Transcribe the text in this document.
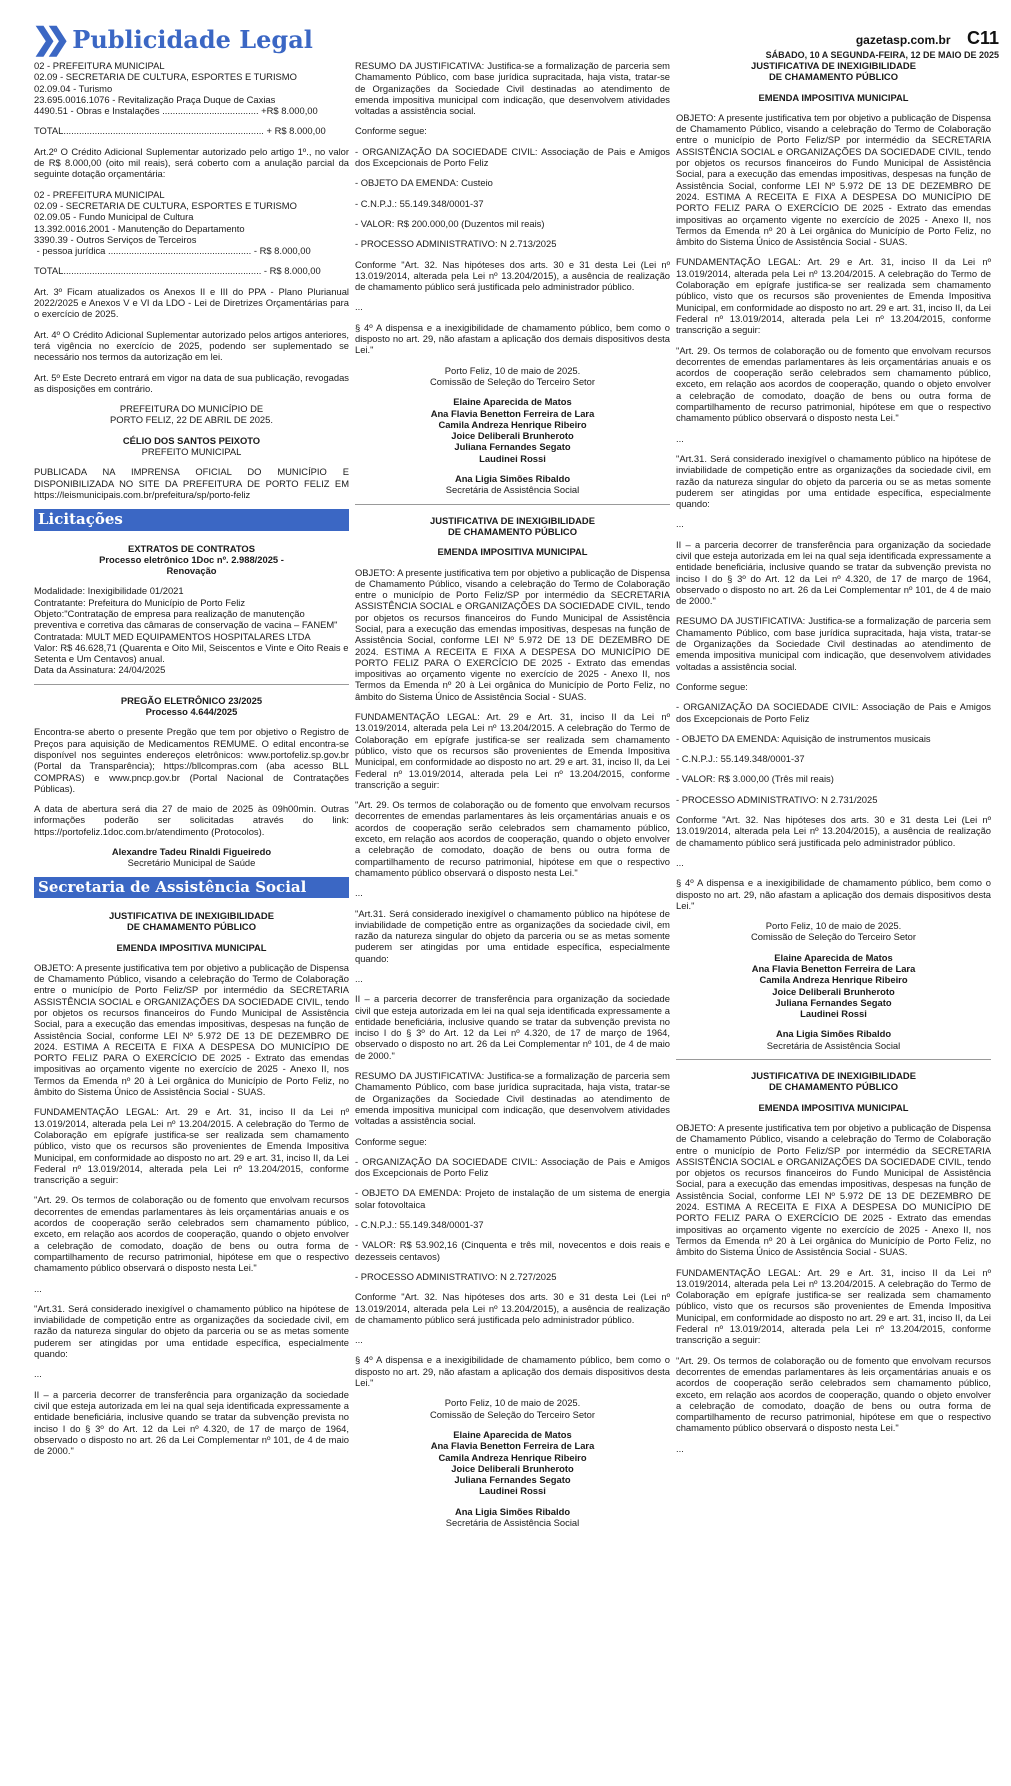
❯❯ Publicidade Legal	gazetasp.com.br C11
SÁBADO, 10 A SEGUNDA-FEIRA, 12 DE MAIO DE 2025
02 - PREFEITURA MUNICIPAL
02.09 - SECRETARIA DE CULTURA, ESPORTES E TURISMO
02.09.04 - Turismo
23.695.0016.1076 - Revitalização Praça Duque de Caxias
4490.51 - Obras e Instalações ..................................... +R$ 8.000,00

TOTAL............................................................................. + R$ 8.000,00

Art.2º O Crédito Adicional Suplementar autorizado pelo artigo 1º., no valor de R$ 8.000,00 (oito mil reais), será coberto com a anulação parcial da seguinte dotação orçamentária:

02 - PREFEITURA MUNICIPAL
02.09 - SECRETARIA DE CULTURA, ESPORTES E TURISMO
02.09.05 - Fundo Municipal de Cultura
13.392.0016.2001 - Manutenção do Departamento
3390.39 - Outros Serviços de Terceiros
- pessoa jurídica ....................................................... - R$ 8.000,00

TOTAL............................................................................ - R$ 8.000,00

Art. 3º Ficam atualizados os Anexos II e III do PPA - Plano Plurianual 2022/2025 e Anexos V e VI da LDO - Lei de Diretrizes Orçamentárias para o exercício de 2025.

Art. 4º O Crédito Adicional Suplementar autorizado pelos artigos anteriores, terá vigência no exercício de 2025, podendo ser suplementado se necessário nos termos da autorização em lei.

Art. 5º Este Decreto entrará em vigor na data de sua publicação, revogadas as disposições em contrário.

PREFEITURA DO MUNICÍPIO DE

PORTO FELIZ, 22 DE ABRIL DE 2025.

CÉLIO DOS SANTOS PEIXOTO

PREFEITO MUNICIPAL

PUBLICADA NA IMPRENSA OFICIAL DO MUNICÍPIO E DISPONIBILIZADA NO SITE DA PREFEITURA DE PORTO FELIZ EM https://leismunicipais.com.br/prefeitura/sp/porto-feliz

Licitações

EXTRATOS DE CONTRATOS

Processo eletrônico 1Doc nº. 2.988/2025 -

Renovação

Modalidade: Inexigibilidade 01/2021
Contratante: Prefeitura do Município de Porto Feliz
Objeto:"Contratação de empresa para realização de manutenção preventiva e corretiva das câmaras de conservação de vacina – FANEM"
Contratada: MULT MED EQUIPAMENTOS HOSPITALARES LTDA
Valor: R$ 46.628,71 (Quarenta e Oito Mil, Seiscentos e Vinte e Oito Reais e Setenta e Um Centavos) anual.
Data da Assinatura: 24/04/2025

PREGÃO ELETRÔNICO 23/2025

Processo 4.644/2025

Encontra-se aberto o presente Pregão que tem por objetivo o Registro de Preços para aquisição de Medicamentos REMUME. O edital encontra-se disponível nos seguintes endereços eletrônicos: www.portofeliz.sp.gov.br (Portal da Transparência); https://bllcompras.com (aba acesso BLL COMPRAS) e www.pncp.gov.br (Portal Nacional de Contratações Públicas).

A data de abertura será dia 27 de maio de 2025 às 09h00min. Outras informações poderão ser solicitadas através do link: https://portofeliz.1doc.com.br/atendimento (Protocolos).

Alexandre Tadeu Rinaldi Figueiredo

Secretário Municipal de Saúde

Secretaria de Assistência Social

JUSTIFICATIVA DE INEXIGIBILIDADE

DE CHAMAMENTO PÚBLICO

EMENDA IMPOSITIVA MUNICIPAL

OBJETO: A presente justificativa tem por objetivo a publicação de Dispensa de Chamamento Público, visando a celebração do Termo de Colaboração entre o município de Porto Feliz/SP por intermédio da SECRETARIA ASSISTÊNCIA SOCIAL e ORGANIZAÇÕES DA SOCIEDADE CIVIL, tendo por objetos os recursos financeiros do Fundo Municipal de Assistência Social, para a execução das emendas impositivas, despesas na função de Assistência Social, conforme LEI Nº 5.972 DE 13 DE DEZEMBRO DE 2024. ESTIMA A RECEITA E FIXA A DESPESA DO MUNICÍPIO DE PORTO FELIZ PARA O EXERCÍCIO DE 2025 - Extrato das emendas impositivas ao orçamento vigente no exercício de 2025 - Anexo II, nos Termos da Emenda nº 20 à Lei orgânica do Município de Porto Feliz, no âmbito do Sistema Único de Assistência Social - SUAS.

FUNDAMENTAÇÃO LEGAL: Art. 29 e Art. 31, inciso II da Lei nº 13.019/2014, alterada pela Lei nº 13.204/2015. A celebração do Termo de Colaboração em epígrafe justifica-se ser realizada sem chamamento público, visto que os recursos são provenientes de Emenda Impositiva Municipal, em conformidade ao disposto no art. 29 e art. 31, inciso II, da Lei Federal nº 13.019/2014, alterada pela Lei nº 13.204/2015, conforme transcrição a seguir:

"Art. 29. Os termos de colaboração ou de fomento que envolvam recursos decorrentes de emendas parlamentares às leis orçamentárias anuais e os acordos de cooperação serão celebrados sem chamamento público, exceto, em relação aos acordos de cooperação, quando o objeto envolver a celebração de comodato, doação de bens ou outra forma de compartilhamento de recurso patrimonial, hipótese em que o respectivo chamamento público observará o disposto nesta Lei."

...

"Art.31. Será considerado inexigível o chamamento público na hipótese de inviabilidade de competição entre as organizações da sociedade civil, em razão da natureza singular do objeto da parceria ou se as metas somente puderem ser atingidas por uma entidade específica, especialmente quando:

...

II – a parceria decorrer de transferência para organização da sociedade civil que esteja autorizada em lei na qual seja identificada expressamente a entidade beneficiária, inclusive quando se tratar da subvenção prevista no inciso I do § 3º do Art. 12 da Lei nº 4.320, de 17 de março de 1964, observado o disposto no art. 26 da Lei Complementar nº 101, de 4 de maio de 2000."

RESUMO DA JUSTIFICATIVA: Justifica-se a formalização de parceria sem Chamamento Público, com base jurídica supracitada, haja vista, tratar-se de Organizações da Sociedade Civil destinadas ao atendimento de emenda impositiva municipal com indicação, que desenvolvem atividades voltadas a assistência social.

Conforme segue:

- ORGANIZAÇÃO DA SOCIEDADE CIVIL: Associação de Pais e Amigos dos Excepcionais de Porto Feliz

- OBJETO DA EMENDA: Custeio

- C.N.P.J.: 55.149.348/0001-37

- VALOR: R$ 200.000,00 (Duzentos mil reais)

- PROCESSO ADMINISTRATIVO: N 2.713/2025

Conforme "Art. 32. Nas hipóteses dos arts. 30 e 31 desta Lei (Lei nº 13.019/2014, alterada pela Lei nº 13.204/2015), a ausência de realização de chamamento público será justificada pelo administrador público.

...

§ 4º A dispensa e a inexigibilidade de chamamento público, bem como o disposto no art. 29, não afastam a aplicação dos demais dispositivos desta Lei."

Porto Feliz, 10 de maio de 2025.

Comissão de Seleção do Terceiro Setor

Elaine Aparecida de Matos

Ana Flavia Benetton Ferreira de Lara

Camila Andreza Henrique Ribeiro

Joice Deliberali Brunheroto

Juliana Fernandes Segato

Laudinei Rossi

Ana Ligia Simões Ribaldo

Secretária de Assistência Social

JUSTIFICATIVA DE INEXIGIBILIDADE

DE CHAMAMENTO PÚBLICO

EMENDA IMPOSITIVA MUNICIPAL

OBJETO: A presente justificativa tem por objetivo a publicação de Dispensa de Chamamento Público, visando a celebração do Termo de Colaboração entre o município de Porto Feliz/SP por intermédio da SECRETARIA ASSISTÊNCIA SOCIAL e ORGANIZAÇÕES DA SOCIEDADE CIVIL, tendo por objetos os recursos financeiros do Fundo Municipal de Assistência Social, para a execução das emendas impositivas, despesas na função de Assistência Social, conforme LEI Nº 5.972 DE 13 DE DEZEMBRO DE 2024. ESTIMA A RECEITA E FIXA A DESPESA DO MUNICÍPIO DE PORTO FELIZ PARA O EXERCÍCIO DE 2025 - Extrato das emendas impositivas ao orçamento vigente no exercício de 2025 - Anexo II, nos Termos da Emenda nº 20 à Lei orgânica do Município de Porto Feliz, no âmbito do Sistema Único de Assistência Social - SUAS.

FUNDAMENTAÇÃO LEGAL: Art. 29 e Art. 31, inciso II da Lei nº 13.019/2014, alterada pela Lei nº 13.204/2015. A celebração do Termo de Colaboração em epígrafe justifica-se ser realizada sem chamamento público, visto que os recursos são provenientes de Emenda Impositiva Municipal, em conformidade ao disposto no art. 29 e art. 31, inciso II, da Lei Federal nº 13.019/2014, alterada pela Lei nº 13.204/2015, conforme transcrição a seguir:

"Art. 29. Os termos de colaboração ou de fomento que envolvam recursos decorrentes de emendas parlamentares às leis orçamentárias anuais e os acordos de cooperação serão celebrados sem chamamento público, exceto, em relação aos acordos de cooperação, quando o objeto envolver a celebração de comodato, doação de bens ou outra forma de compartilhamento de recurso patrimonial, hipótese em que o respectivo chamamento público observará o disposto nesta Lei."

...

"Art.31. Será considerado inexigível o chamamento público na hipótese de inviabilidade de competição entre as organizações da sociedade civil, em razão da natureza singular do objeto da parceria ou se as metas somente puderem ser atingidas por uma entidade específica, especialmente quando:

...

II – a parceria decorrer de transferência para organização da sociedade civil que esteja autorizada em lei na qual seja identificada expressamente a entidade beneficiária, inclusive quando se tratar da subvenção prevista no inciso I do § 3º do Art. 12 da Lei nº 4.320, de 17 de março de 1964, observado o disposto no art. 26 da Lei Complementar nº 101, de 4 de maio de 2000."

RESUMO DA JUSTIFICATIVA: Justifica-se a formalização de parceria sem Chamamento Público, com base jurídica supracitada, haja vista, tratar-se de Organizações da Sociedade Civil destinadas ao atendimento de emenda impositiva municipal com indicação, que desenvolvem atividades voltadas a assistência social.

Conforme segue:

- ORGANIZAÇÃO DA SOCIEDADE CIVIL: Associação de Pais e Amigos dos Excepcionais de Porto Feliz

- OBJETO DA EMENDA: Projeto de instalação de um sistema de energia solar fotovoltaica

- C.N.P.J.: 55.149.348/0001-37

- VALOR: R$ 53.902,16 (Cinquenta e três mil, novecentos e dois reais e dezesseis centavos)

- PROCESSO ADMINISTRATIVO: N 2.727/2025

Conforme "Art. 32. Nas hipóteses dos arts. 30 e 31 desta Lei (Lei nº 13.019/2014, alterada pela Lei nº 13.204/2015), a ausência de realização de chamamento público será justificada pelo administrador público.

...

§ 4º A dispensa e a inexigibilidade de chamamento público, bem como o disposto no art. 29, não afastam a aplicação dos demais dispositivos desta Lei."

Porto Feliz, 10 de maio de 2025.

Comissão de Seleção do Terceiro Setor

Elaine Aparecida de Matos

Ana Flavia Benetton Ferreira de Lara

Camila Andreza Henrique Ribeiro

Joice Deliberali Brunheroto

Juliana Fernandes Segato

Laudinei Rossi

Ana Ligia Simões Ribaldo

Secretária de Assistência Social

JUSTIFICATIVA DE INEXIGIBILIDADE

DE CHAMAMENTO PÚBLICO

EMENDA IMPOSITIVA MUNICIPAL

OBJETO: A presente justificativa tem por objetivo a publicação de Dispensa de Chamamento Público, visando a celebração do Termo de Colaboração entre o município de Porto Feliz/SP por intermédio da SECRETARIA ASSISTÊNCIA SOCIAL e ORGANIZAÇÕES DA SOCIEDADE CIVIL, tendo por objetos os recursos financeiros do Fundo Municipal de Assistência Social, para a execução das emendas impositivas, despesas na função de Assistência Social, conforme LEI Nº 5.972 DE 13 DE DEZEMBRO DE 2024. ESTIMA A RECEITA E FIXA A DESPESA DO MUNICÍPIO DE PORTO FELIZ PARA O EXERCÍCIO DE 2025 - Extrato das emendas impositivas ao orçamento vigente no exercício de 2025 - Anexo II, nos Termos da Emenda nº 20 à Lei orgânica do Município de Porto Feliz, no âmbito do Sistema Único de Assistência Social - SUAS.

FUNDAMENTAÇÃO LEGAL: Art. 29 e Art. 31, inciso II da Lei nº 13.019/2014, alterada pela Lei nº 13.204/2015. A celebração do Termo de Colaboração em epígrafe justifica-se ser realizada sem chamamento público, visto que os recursos são provenientes de Emenda Impositiva Municipal, em conformidade ao disposto no art. 29 e art. 31, inciso II, da Lei Federal nº 13.019/2014, alterada pela Lei nº 13.204/2015, conforme transcrição a seguir:

"Art. 29. Os termos de colaboração ou de fomento que envolvam recursos decorrentes de emendas parlamentares às leis orçamentárias anuais e os acordos de cooperação serão celebrados sem chamamento público, exceto, em relação aos acordos de cooperação, quando o objeto envolver a celebração de comodato, doação de bens ou outra forma de compartilhamento de recurso patrimonial, hipótese em que o respectivo chamamento público observará o disposto nesta Lei."

...

"Art.31. Será considerado inexigível o chamamento público na hipótese de inviabilidade de competição entre as organizações da sociedade civil, em razão da natureza singular do objeto da parceria ou se as metas somente puderem ser atingidas por uma entidade específica, especialmente quando:

...

II – a parceria decorrer de transferência para organização da sociedade civil que esteja autorizada em lei na qual seja identificada expressamente a entidade beneficiária, inclusive quando se tratar da subvenção prevista no inciso I do § 3º do Art. 12 da Lei nº 4.320, de 17 de março de 1964, observado o disposto no art. 26 da Lei Complementar nº 101, de 4 de maio de 2000."

RESUMO DA JUSTIFICATIVA: Justifica-se a formalização de parceria sem Chamamento Público, com base jurídica supracitada, haja vista, tratar-se de Organizações da Sociedade Civil destinadas ao atendimento de emenda impositiva municipal com indicação, que desenvolvem atividades voltadas a assistência social.

Conforme segue:

- ORGANIZAÇÃO DA SOCIEDADE CIVIL: Associação de Pais e Amigos dos Excepcionais de Porto Feliz

- OBJETO DA EMENDA: Aquisição de instrumentos musicais

- C.N.P.J.: 55.149.348/0001-37

- VALOR: R$ 3.000,00 (Três mil reais)

- PROCESSO ADMINISTRATIVO: N 2.731/2025

Conforme "Art. 32. Nas hipóteses dos arts. 30 e 31 desta Lei (Lei nº 13.019/2014, alterada pela Lei nº 13.204/2015), a ausência de realização de chamamento público será justificada pelo administrador público.

...

§ 4º A dispensa e a inexigibilidade de chamamento público, bem como o disposto no art. 29, não afastam a aplicação dos demais dispositivos desta Lei."

Porto Feliz, 10 de maio de 2025.

Comissão de Seleção do Terceiro Setor

Elaine Aparecida de Matos

Ana Flavia Benetton Ferreira de Lara

Camila Andreza Henrique Ribeiro

Joice Deliberali Brunheroto

Juliana Fernandes Segato

Laudinei Rossi

Ana Ligia Simões Ribaldo

Secretária de Assistência Social

JUSTIFICATIVA DE INEXIGIBILIDADE

DE CHAMAMENTO PÚBLICO

EMENDA IMPOSITIVA MUNICIPAL

OBJETO: A presente justificativa tem por objetivo a publicação de Dispensa de Chamamento Público, visando a celebração do Termo de Colaboração entre o município de Porto Feliz/SP por intermédio da SECRETARIA ASSISTÊNCIA SOCIAL e ORGANIZAÇÕES DA SOCIEDADE CIVIL, tendo por objetos os recursos financeiros do Fundo Municipal de Assistência Social, para a execução das emendas impositivas, despesas na função de Assistência Social, conforme LEI Nº 5.972 DE 13 DE DEZEMBRO DE 2024. ESTIMA A RECEITA E FIXA A DESPESA DO MUNICÍPIO DE PORTO FELIZ PARA O EXERCÍCIO DE 2025 - Extrato das emendas impositivas ao orçamento vigente no exercício de 2025 - Anexo II, nos Termos da Emenda nº 20 à Lei orgânica do Município de Porto Feliz, no âmbito do Sistema Único de Assistência Social - SUAS.

FUNDAMENTAÇÃO LEGAL: Art. 29 e Art. 31, inciso II da Lei nº 13.019/2014, alterada pela Lei nº 13.204/2015. A celebração do Termo de Colaboração em epígrafe justifica-se ser realizada sem chamamento público, visto que os recursos são provenientes de Emenda Impositiva Municipal, em conformidade ao disposto no art. 29 e art. 31, inciso II, da Lei Federal nº 13.019/2014, alterada pela Lei nº 13.204/2015, conforme transcrição a seguir:

"Art. 29. Os termos de colaboração ou de fomento que envolvam recursos decorrentes de emendas parlamentares às leis orçamentárias anuais e os acordos de cooperação serão celebrados sem chamamento público, exceto, em relação aos acordos de cooperação, quando o objeto envolver a celebração de comodato, doação de bens ou outra forma de compartilhamento de recurso patrimonial, hipótese em que o respectivo chamamento público observará o disposto nesta Lei."

...
